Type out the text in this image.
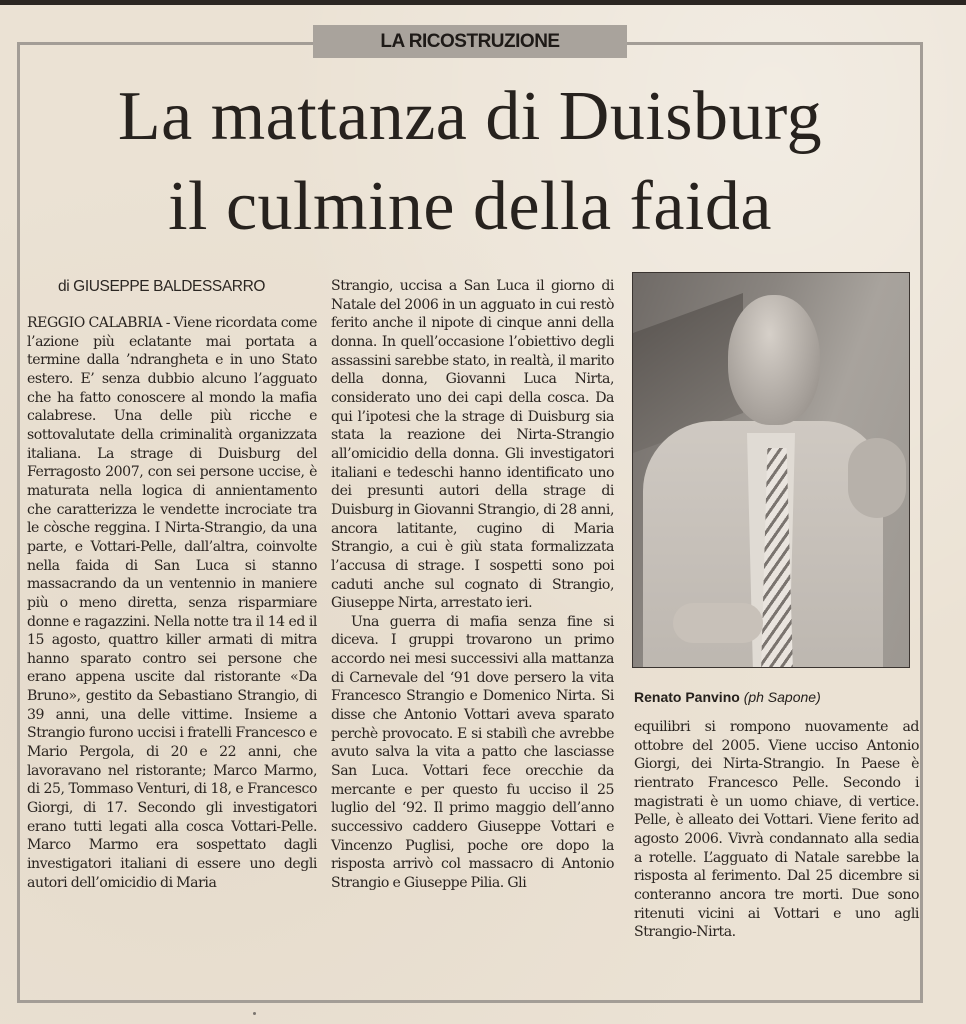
LA RICOSTRUZIONE
La mattanza di Duisburg
il culmine della faida
di GIUSEPPE BALDESSARRO

REGGIO CALABRIA - Viene ricordata come l’azione più eclatante mai portata a termine dalla ’ndrangheta e in uno Stato estero. E’ senza dubbio alcuno l’agguato che ha fatto conoscere al mondo la mafia calabrese. Una delle più ricche e sottovalutate della criminalità organizzata italiana. La strage di Duisburg del Ferragosto 2007, con sei persone uccise, è maturata nella logica di annientamento che caratterizza le vendette incrociate tra le còsche reggina. I Nirta-Strangio, da una parte, e Vottari-Pelle, dall’altra, coinvolte nella faida di San Luca si stanno massacrando da un ventennio in maniere più o meno diretta, senza risparmiare donne e ragazzini. Nella notte tra il 14 ed il 15 agosto, quattro killer armati di mitra hanno sparato contro sei persone che erano appena uscite dal ristorante «Da Bruno», gestito da Sebastiano Strangio, di 39 anni, una delle vittime. Insieme a Strangio furono uccisi i fratelli Francesco e Mario Pergola, di 20 e 22 anni, che lavoravano nel ristorante; Marco Marmo, di 25, Tommaso Venturi, di 18, e Francesco Giorgi, di 17. Secondo gli investigatori erano tutti legati alla cosca Vottari-Pelle. Marco Marmo era sospettato dagli investigatori italiani di essere uno degli autori dell’omicidio di Maria

Strangio, uccisa a San Luca il giorno di Natale del 2006 in un agguato in cui restò ferito anche il nipote di cinque anni della donna. In quell’occasione l’obiettivo degli assassini sarebbe stato, in realtà, il marito della donna, Giovanni Luca Nirta, considerato uno dei capi della cosca. Da qui l’ipotesi che la strage di Duisburg sia stata la reazione dei Nirta-Strangio all’omicidio della donna. Gli investigatori italiani e tedeschi hanno identificato uno dei presunti autori della strage di Duisburg in Giovanni Strangio, di 28 anni, ancora latitante, cugino di Maria Strangio, a cui è giù stata formalizzata l’accusa di strage. I sospetti sono poi caduti anche sul cognato di Strangio, Giuseppe Nirta, arrestato ieri.

Una guerra di mafia senza fine si diceva. I gruppi trovarono un primo accordo nei mesi successivi alla mattanza di Carnevale del ‘91 dove persero la vita Francesco Strangio e Domenico Nirta. Si disse che Antonio Vottari aveva sparato perchè provocato. E si stabilì che avrebbe avuto salva la vita a patto che lasciasse San Luca. Vottari fece orecchie da mercante e per questo fu ucciso il 25 luglio del ‘92. Il primo maggio dell’anno successivo caddero Giuseppe Vottari e Vincenzo Puglisi, poche ore dopo la risposta arrivò col massacro di Antonio Strangio e Giuseppe Pilia. Gli

Renato Panvino (ph Sapone)

equilibri si rompono nuovamente ad ottobre del 2005. Viene ucciso Antonio Giorgi, dei Nirta-Strangio. In Paese è rientrato Francesco Pelle. Secondo i magistrati è un uomo chiave, di vertice. Pelle, è alleato dei Vottari. Viene ferito ad agosto 2006. Vivrà condannato alla sedia a rotelle. L’agguato di Natale sarebbe la risposta al ferimento. Dal 25 dicembre si conteranno ancora tre morti. Due sono ritenuti vicini ai Vottari e uno agli Strangio-Nirta.
